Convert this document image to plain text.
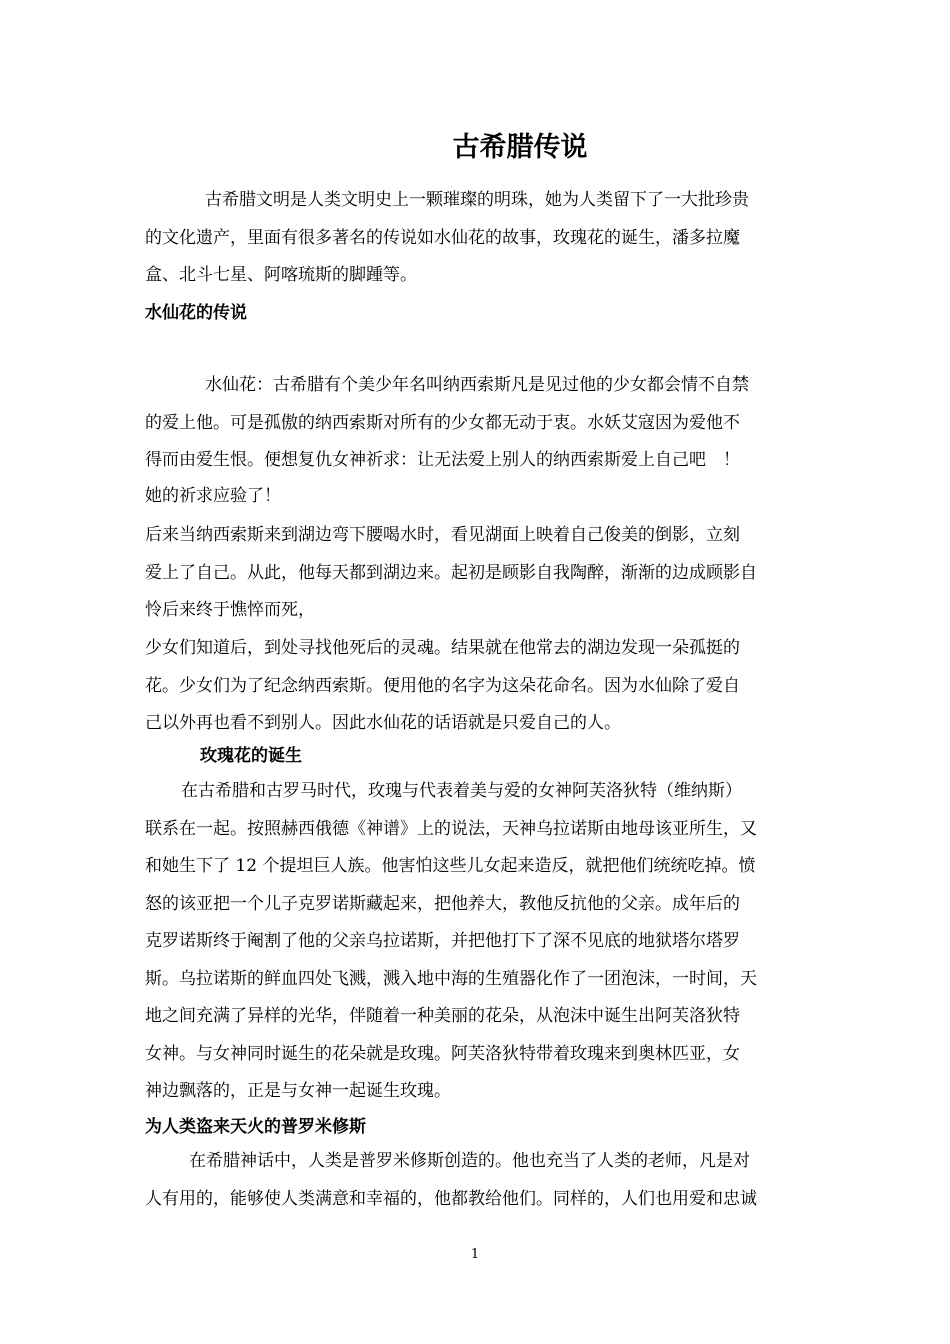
古希腊传说
古希腊文明是人类文明史上一颗璀璨的明珠，她为人类留下了一大批珍贵
的文化遗产，里面有很多著名的传说如水仙花的故事，玫瑰花的诞生，潘多拉魔
盒、北斗七星、阿喀琉斯的脚踵等。
水仙花的传说
水仙花：古希腊有个美少年名叫纳西索斯凡是见过他的少女都会情不自禁
的爱上他。可是孤傲的纳西索斯对所有的少女都无动于衷。水妖艾寇因为爱他不
得而由爱生恨。便想复仇女神祈求：让无法爱上别人的纳西索斯爱上自己吧　！
她的祈求应验了！
后来当纳西索斯来到湖边弯下腰喝水时，看见湖面上映着自己俊美的倒影，立刻
爱上了自己。从此，他每天都到湖边来。起初是顾影自我陶醉，渐渐的边成顾影自
怜后来终于憔悴而死，
少女们知道后，到处寻找他死后的灵魂。结果就在他常去的湖边发现一朵孤挺的
花。少女们为了纪念纳西索斯。便用他的名字为这朵花命名。因为水仙除了爱自
己以外再也看不到别人。因此水仙花的话语就是只爱自己的人。
玫瑰花的诞生
在古希腊和古罗马时代，玫瑰与代表着美与爱的女神阿芙洛狄特（维纳斯）
联系在一起。按照赫西俄德《神谱》上的说法，天神乌拉诺斯由地母该亚所生，又
和她生下了 12 个提坦巨人族。他害怕这些儿女起来造反，就把他们统统吃掉。愤
怒的该亚把一个儿子克罗诺斯藏起来，把他养大，教他反抗他的父亲。成年后的
克罗诺斯终于阉割了他的父亲乌拉诺斯，并把他打下了深不见底的地狱塔尔塔罗
斯。乌拉诺斯的鲜血四处飞溅，溅入地中海的生殖器化作了一团泡沫，一时间，天
地之间充满了异样的光华，伴随着一种美丽的花朵，从泡沫中诞生出阿芙洛狄特
女神。与女神同时诞生的花朵就是玫瑰。阿芙洛狄特带着玫瑰来到奥林匹亚，女
神边飘落的，正是与女神一起诞生玫瑰。
为人类盗来天火的普罗米修斯
在希腊神话中，人类是普罗米修斯创造的。他也充当了人类的老师，凡是对
人有用的，能够使人类满意和幸福的，他都教给他们。同样的，人们也用爱和忠诚
1
